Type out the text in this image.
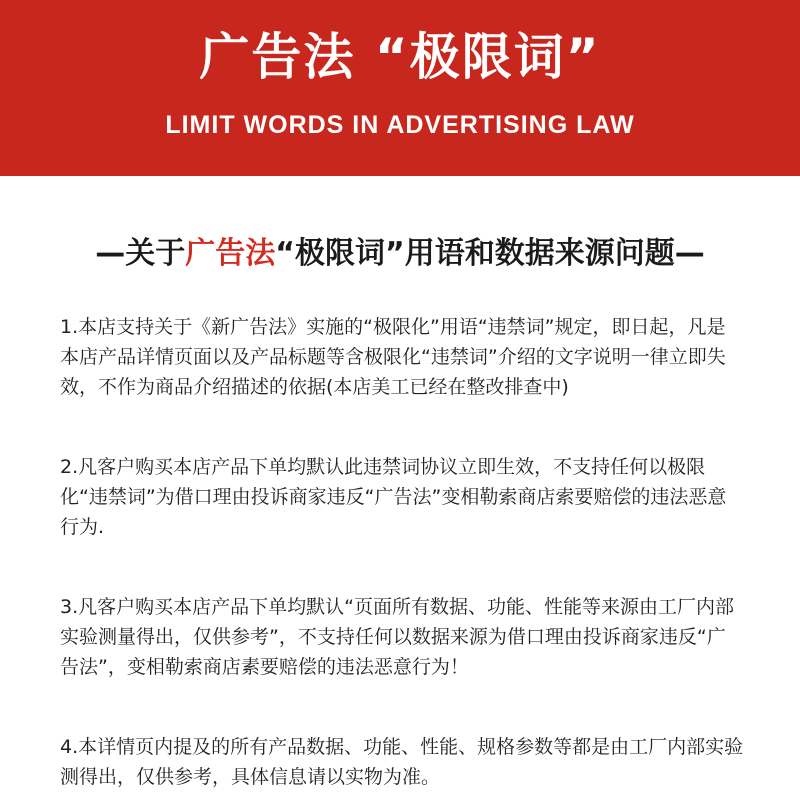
广告法 “极限词”
LIMIT WORDS IN ADVERTISING LAW
—关于广告法“极限词”用语和数据来源问题—

1.本店支持关于《新广告法》实施的“极限化”用语“违禁词”规定，即日起，凡是本店产品详情页面以及产品标题等含极限化“违禁词”介绍的文字说明一律立即失效，不作为商品介绍描述的依据(本店美工已经在整改排查中)

2.凡客户购买本店产品下单均默认此违禁词协议立即生效，不支持任何以极限化“违禁词”为借口理由投诉商家违反“广告法”变相勒索商店索要赔偿的违法恶意行为.

3.凡客户购买本店产品下单均默认“页面所有数据、功能、性能等来源由工厂内部实验测量得出，仅供参考”，不支持任何以数据来源为借口理由投诉商家违反“广告法”，变相勒索商店素要赔偿的违法恶意行为！

4.本详情页内提及的所有产品数据、功能、性能、规格参数等都是由工厂内部实验测得出，仅供参考，具体信息请以实物为准。
